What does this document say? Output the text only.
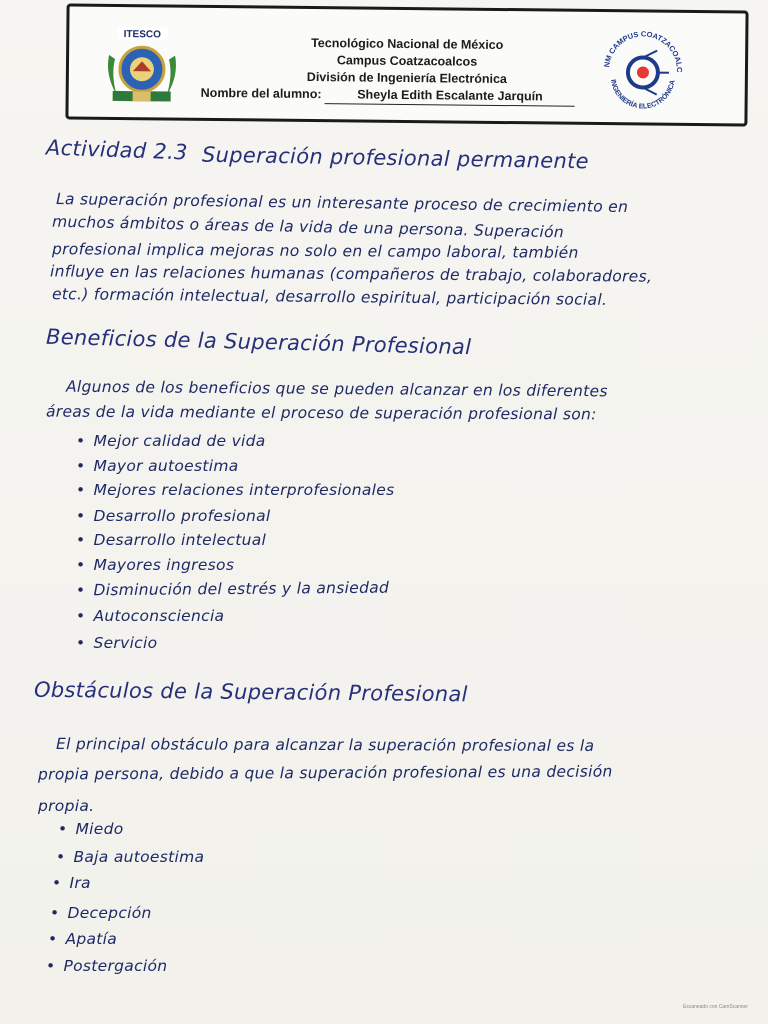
ITESCO
Tecnológico Nacional de México
Campus Coatzacoalcos
División de Ingeniería Electrónica
Nombre del alumno:	Sheyla Edith Escalante Jarquín
TECNM CAMPUS COATZACOALCOS
INGENIERÍA ELECTRÓNICA
Actividad 2.3 Superación profesional permanente
La superación profesional es un interesante proceso de crecimiento en
muchos ámbitos o áreas de la vida de una persona. Superación
profesional implica mejoras no solo en el campo laboral, también
influye en las relaciones humanas (compañeros de trabajo, colaboradores,
etc.) formación intelectual, desarrollo espiritual, participación social.
Beneficios de la Superación Profesional
Algunos de los beneficios que se pueden alcanzar en los diferentes
áreas de la vida mediante el proceso de superación profesional son:
• Mejor calidad de vida
• Mayor autoestima
• Mejores relaciones interprofesionales
• Desarrollo profesional
• Desarrollo intelectual
• Mayores ingresos
• Disminución del estrés y la ansiedad
• Autoconsciencia
• Servicio
Obstáculos de la Superación Profesional
El principal obstáculo para alcanzar la superación profesional es la
propia persona, debido a que la superación profesional es una decisión
propia.
• Miedo
• Baja autoestima
• Ira
• Decepción
• Apatía
• Postergación
Escaneado con CamScanner
